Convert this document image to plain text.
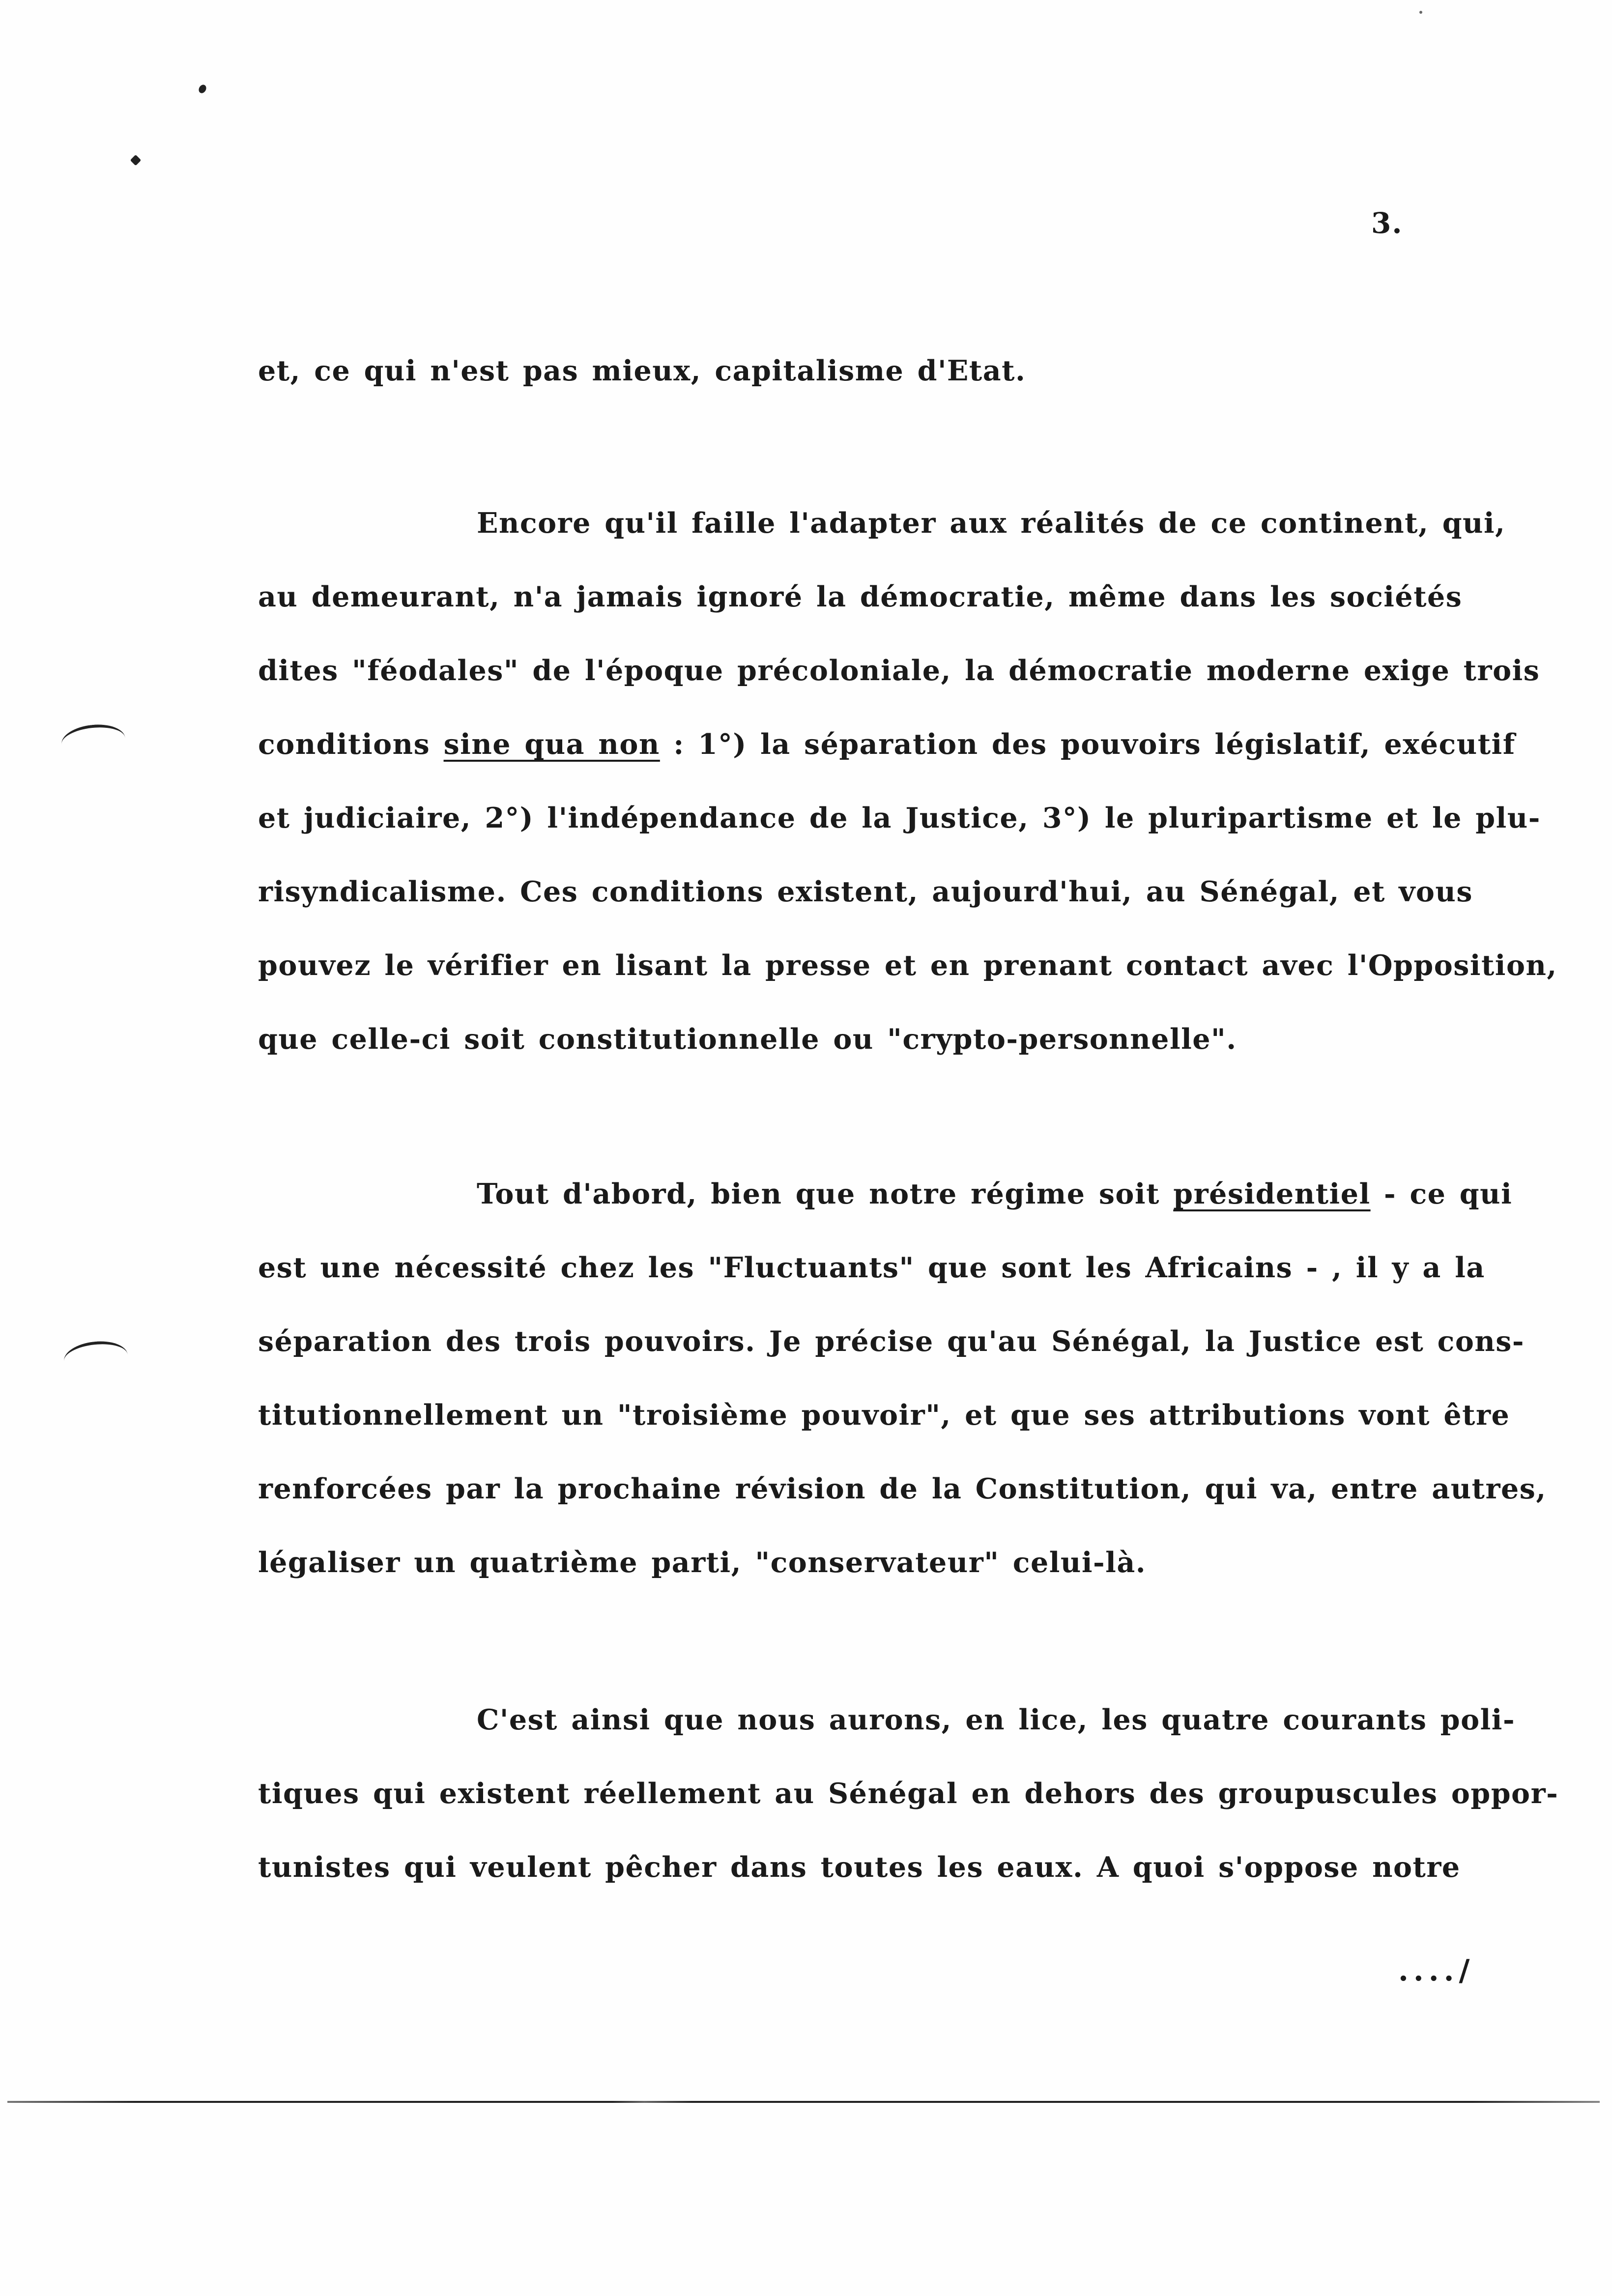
3.
et, ce qui n'est pas mieux, capitalisme d'Etat.
Encore qu'il faille l'adapter aux réalités de ce continent, qui,
au demeurant, n'a jamais ignoré la démocratie, même dans les sociétés
dites "féodales" de l'époque précoloniale, la démocratie moderne exige trois
conditions sine qua non : 1°) la séparation des pouvoirs législatif, exécutif
et judiciaire, 2°) l'indépendance de la Justice, 3°) le pluripartisme et le plu-
risyndicalisme. Ces conditions existent, aujourd'hui, au Sénégal, et vous
pouvez le vérifier en lisant la presse et en prenant contact avec l'Opposition,
que celle-ci soit constitutionnelle ou "crypto-personnelle".
Tout d'abord, bien que notre régime soit présidentiel - ce qui
est une nécessité chez les "Fluctuants" que sont les Africains - , il y a la
séparation des trois pouvoirs. Je précise qu'au Sénégal, la Justice est cons-
titutionnellement un "troisième pouvoir", et que ses attributions vont être
renforcées par la prochaine révision de la Constitution, qui va, entre autres,
légaliser un quatrième parti, "conservateur" celui-là.
C'est ainsi que nous aurons, en lice, les quatre courants poli-
tiques qui existent réellement au Sénégal en dehors des groupuscules oppor-
tunistes qui veulent pêcher dans toutes les eaux. A quoi s'oppose notre
..../
